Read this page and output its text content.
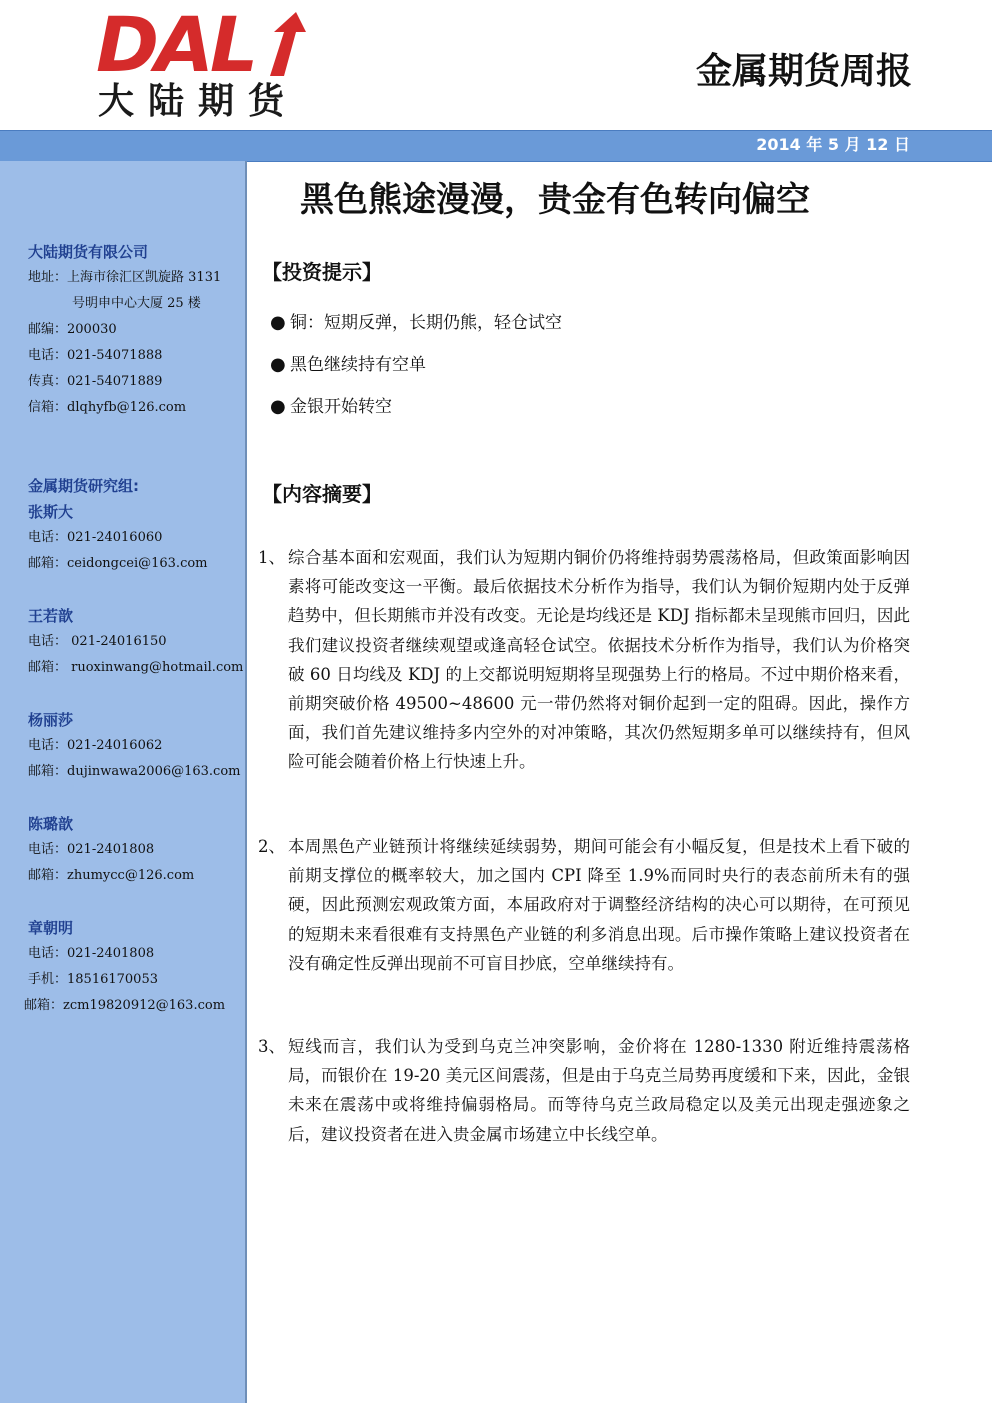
DAL
大陆期货
金属期货周报
2014 年 5 月 12 日
大陆期货有限公司
地址：上海市徐汇区凯旋路 3131
号明申中心大厦 25 楼
邮编：200030
电话：021-54071888
传真：021-54071889
信箱：dlqhyfb@126.com
金属期货研究组:
张斯大
电话：021-24016060
邮箱：ceidongcei@163.com
王若歆
电话： 021-24016150
邮箱： ruoxinwang@hotmail.com
杨丽莎
电话：021-24016062
邮箱：dujinwawa2006@163.com
陈璐歆
电话：021-2401808
邮箱：zhumycc@126.com
章朝明
电话：021-2401808
手机：18516170053
邮箱：zcm19820912@163.com
黑色熊途漫漫，贵金有色转向偏空
【投资提示】
● 铜：短期反弹，长期仍熊，轻仓试空
● 黑色继续持有空单
● 金银开始转空
【内容摘要】
1、 综合基本面和宏观面，我们认为短期内铜价仍将维持弱势震荡格局，但政策面影响因素将可能改变这一平衡。最后依据技术分析作为指导，我们认为铜价短期内处于反弹趋势中，但长期熊市并没有改变。无论是均线还是 KDJ 指标都未呈现熊市回归，因此我们建议投资者继续观望或逢高轻仓试空。依据技术分析作为指导，我们认为价格突破 60 日均线及 KDJ 的上交都说明短期将呈现强势上行的格局。不过中期价格来看，前期突破价格 49500~48600 元一带仍然将对铜价起到一定的阻碍。因此，操作方面，我们首先建议维持多内空外的对冲策略，其次仍然短期多单可以继续持有，但风险可能会随着价格上行快速上升。
2、 本周黑色产业链预计将继续延续弱势，期间可能会有小幅反复，但是技术上看下破的前期支撑位的概率较大，加之国内 CPI 降至 1.9%而同时央行的表态前所未有的强硬，因此预测宏观政策方面，本届政府对于调整经济结构的决心可以期待，在可预见的短期未来看很难有支持黑色产业链的利多消息出现。后市操作策略上建议投资者在没有确定性反弹出现前不可盲目抄底，空单继续持有。
3、 短线而言，我们认为受到乌克兰冲突影响，金价将在 1280-1330 附近维持震荡格局，而银价在 19-20 美元区间震荡，但是由于乌克兰局势再度缓和下来，因此，金银未来在震荡中或将维持偏弱格局。而等待乌克兰政局稳定以及美元出现走强迹象之后，建议投资者在进入贵金属市场建立中长线空单。
